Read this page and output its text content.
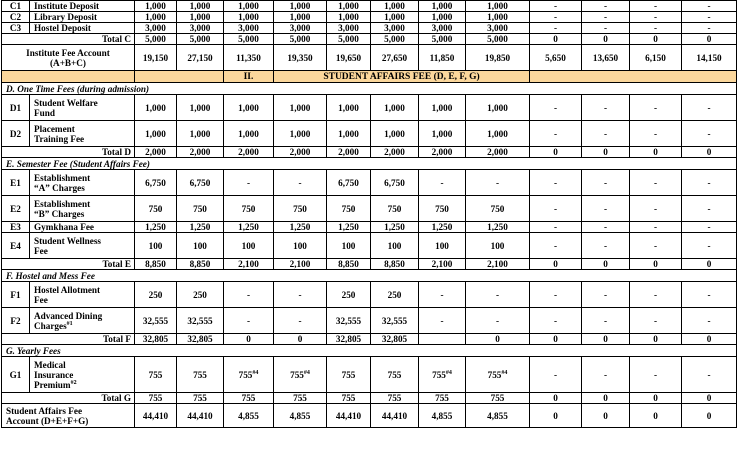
C1	Institute Deposit	1,000	1,000	1,000	1,000	1,000	1,000	1,000	1,000	-	-	-	-
C2	Library Deposit	1,000	1,000	1,000	1,000	1,000	1,000	1,000	1,000	-	-	-	-
C3	Hostel Deposit	3,000	3,000	3,000	3,000	3,000	3,000	3,000	3,000	-	-	-	-
Total C		5,000	5,000	5,000	5,000	5,000	5,000	5,000	5,000	0	0	0	0
Institute Fee Account
(A+B+C)		19,150	27,150	11,350	19,350	19,650	27,650	11,850	19,850	5,650	13,650	6,150	14,150
				II.	STUDENT AFFAIRS FEE (D, E, F, G)								
D. One Time Fees (during admission)													
D1	Student Welfare
Fund	1,000	1,000	1,000	1,000	1,000	1,000	1,000	1,000	-	-	-	-
D2	Placement
Training Fee	1,000	1,000	1,000	1,000	1,000	1,000	1,000	1,000	-	-	-	-
Total D		2,000	2,000	2,000	2,000	2,000	2,000	2,000	2,000	0	0	0	0
E. Semester Fee (Student Affairs Fee)													
E1	Establishment
“A” Charges	6,750	6,750	-	-	6,750	6,750	-	-	-	-	-	-
E2	Establishment
“B” Charges	750	750	750	750	750	750	750	750	-	-	-	-
E3	Gymkhana Fee	1,250	1,250	1,250	1,250	1,250	1,250	1,250	1,250	-	-	-	-
E4	Student Wellness
Fee	100	100	100	100	100	100	100	100	-	-	-	-
Total E		8,850	8,850	2,100	2,100	8,850	8,850	2,100	2,100	0	0	0	0
F. Hostel and Mess Fee													
F1	Hostel Allotment
Fee	250	250	-	-	250	250	-	-	-	-	-	-
F2	Advanced Dining
Charges$^{\#1}$	32,555	32,555	-	-	32,555	32,555	-	-	-	-	-	-
Total F		32,805	32,805	0	0	32,805	32,805		0	0	0	0	0
G. Yearly Fees													
G1	Medical
Insurance
Premium$^{\#2}$	755	755	755$^{\#4}$	755$^{\#4}$	755	755	755$^{\#4}$	755$^{\#4}$	-	-	-	-
Total G		755	755	755	755	755	755	755	755	0	0	0	0
Student Affairs Fee
Account (D+E+F+G)		44,410	44,410	4,855	4,855	44,410	44,410	4,855	4,855	0	0	0	0
